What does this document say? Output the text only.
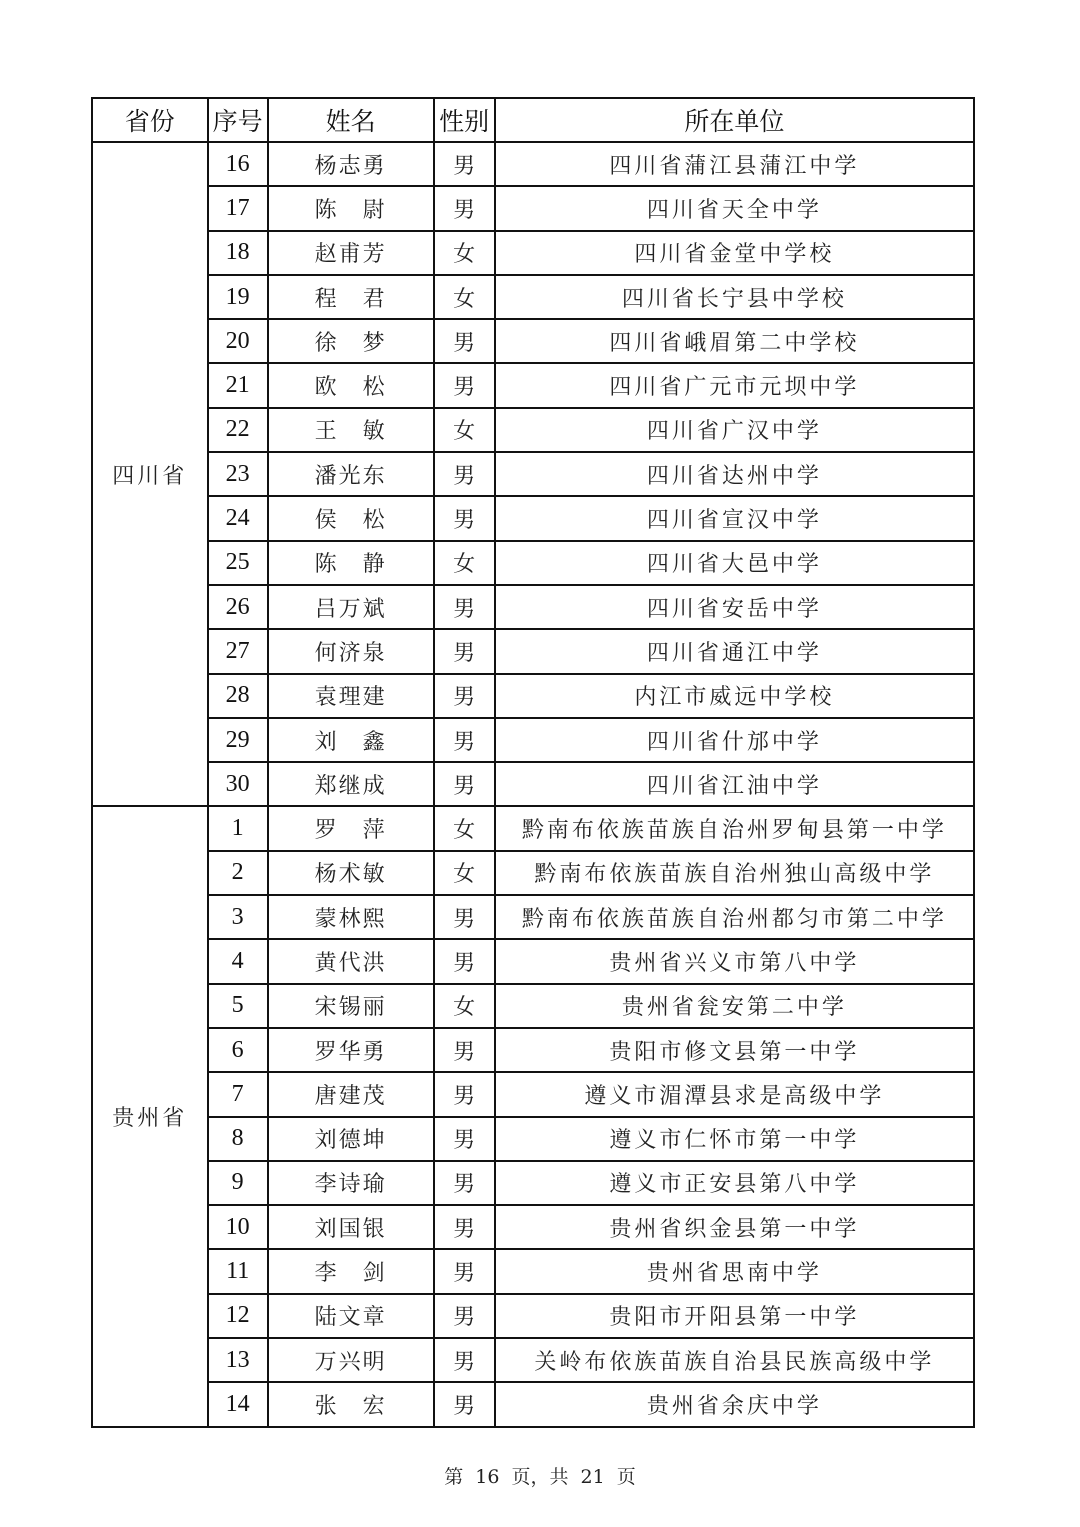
省份	序号	姓名	性别	所在单位
四川省	16	杨志勇	男	四川省蒲江县蒲江中学
	17	陈　尉	男	四川省天全中学
	18	赵甫芳	女	四川省金堂中学校
	19	程　君	女	四川省长宁县中学校
	20	徐　梦	男	四川省峨眉第二中学校
	21	欧　松	男	四川省广元市元坝中学
	22	王　敏	女	四川省广汉中学
	23	潘光东	男	四川省达州中学
	24	侯　松	男	四川省宣汉中学
	25	陈　静	女	四川省大邑中学
	26	吕万斌	男	四川省安岳中学
	27	何济泉	男	四川省通江中学
	28	袁理建	男	内江市威远中学校
	29	刘　鑫	男	四川省什邡中学
	30	郑继成	男	四川省江油中学
贵州省	1	罗　萍	女	黔南布依族苗族自治州罗甸县第一中学
	2	杨术敏	女	黔南布依族苗族自治州独山高级中学
	3	蒙林熙	男	黔南布依族苗族自治州都匀市第二中学
	4	黄代洪	男	贵州省兴义市第八中学
	5	宋锡丽	女	贵州省瓮安第二中学
	6	罗华勇	男	贵阳市修文县第一中学
	7	唐建茂	男	遵义市湄潭县求是高级中学
	8	刘德坤	男	遵义市仁怀市第一中学
	9	李诗瑜	男	遵义市正安县第八中学
	10	刘国银	男	贵州省织金县第一中学
	11	李　剑	男	贵州省思南中学
	12	陆文章	男	贵阳市开阳县第一中学
	13	万兴明	男	关岭布依族苗族自治县民族高级中学
	14	张　宏	男	贵州省余庆中学
第 16 页，共 21 页
